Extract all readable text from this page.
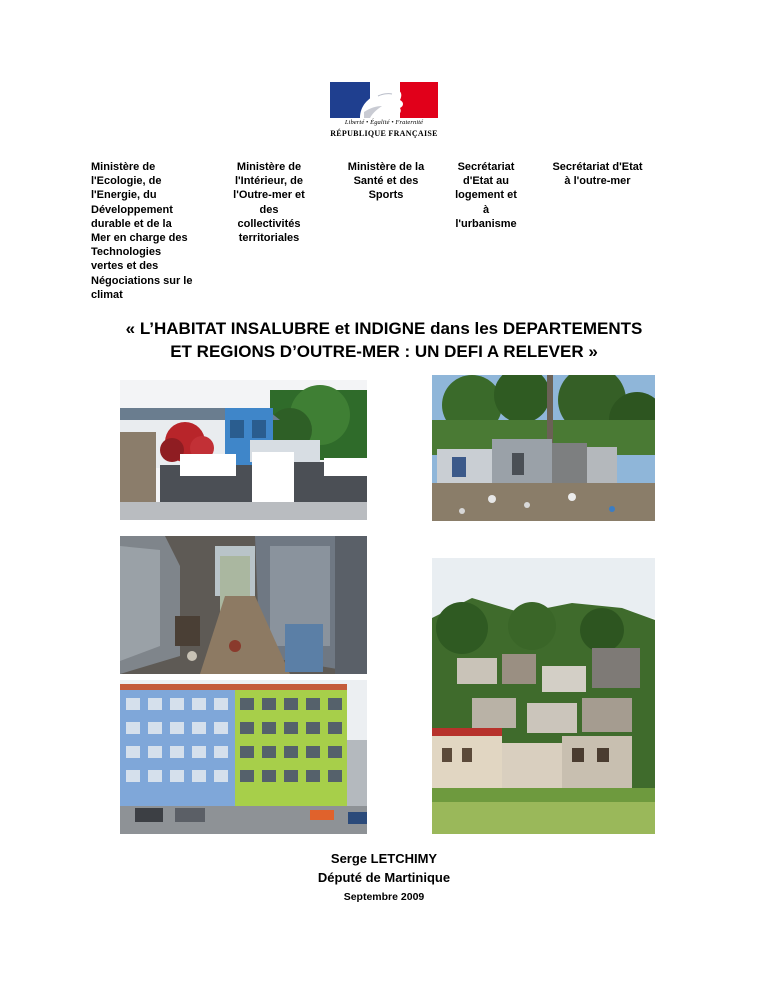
Liberté • Égalité • Fraternité
RÉPUBLIQUE FRANÇAISE
Ministère de
l'Ecologie, de
l'Energie, du
Développement
durable et de la
Mer en charge des
Technologies
vertes et des
Négociations sur le
climat
Ministère de
l'Intérieur, de
l'Outre-mer et
des
collectivités
territoriales
Ministère de la
Santé et des
Sports
Secrétariat
d'Etat au
logement et
à
l'urbanisme
Secrétariat d'Etat
à l'outre-mer
« L’HABITAT INSALUBRE et INDIGNE dans les DEPARTEMENTS
ET REGIONS D’OUTRE-MER : UN DEFI A RELEVER »
Serge LETCHIMY
Député de Martinique
Septembre 2009
